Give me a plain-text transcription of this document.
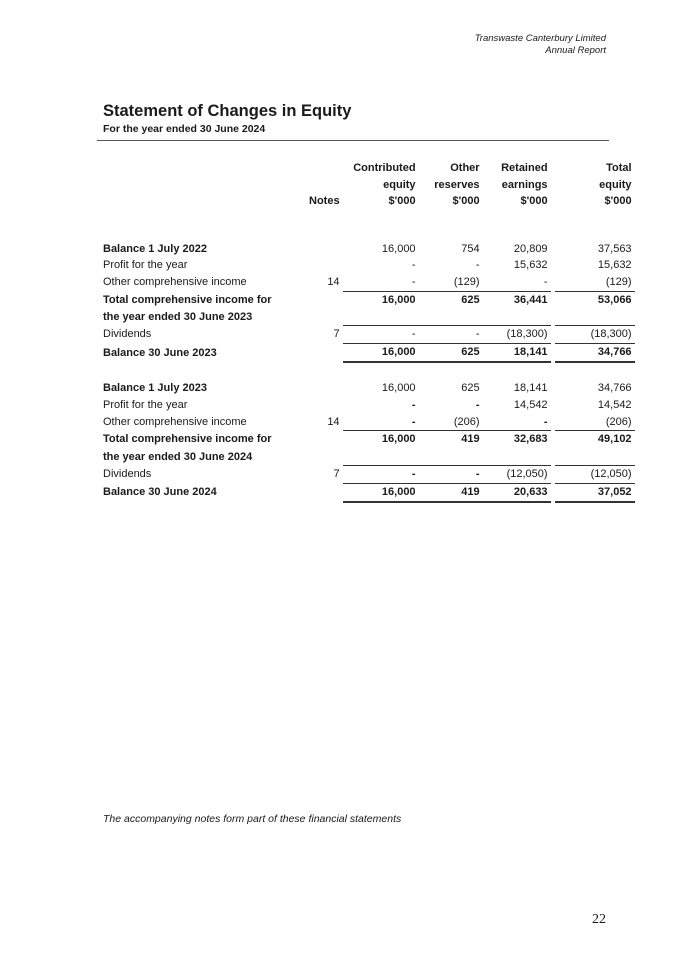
Transwaste Canterbury Limited
Annual Report
Statement of Changes in Equity
For the year ended 30 June 2024
		Contributed	Other	Retained		Total
		equity	reserves	earnings		equity
	Notes	$'000	$'000	$'000		$'000

Balance 1 July 2022		16,000	754	20,809		37,563
Profit for the year		-	-	15,632		15,632
Other comprehensive income	14	-	(129)	-		(129)
Total comprehensive income for		16,000	625	36,441		53,066
the year ended 30 June 2023						
Dividends	7	-	-	(18,300)		(18,300)
Balance 30 June 2023		16,000	625	18,141		34,766

Balance 1 July 2023		16,000	625	18,141		34,766
Profit for the year		-	-	14,542		14,542
Other comprehensive income	14	-	(206)	-		(206)
Total comprehensive income for		16,000	419	32,683		49,102
the year ended 30 June 2024						
Dividends	7	-	-	(12,050)		(12,050)
Balance 30 June 2024		16,000	419	20,633		37,052
The accompanying notes form part of these financial statements
22
